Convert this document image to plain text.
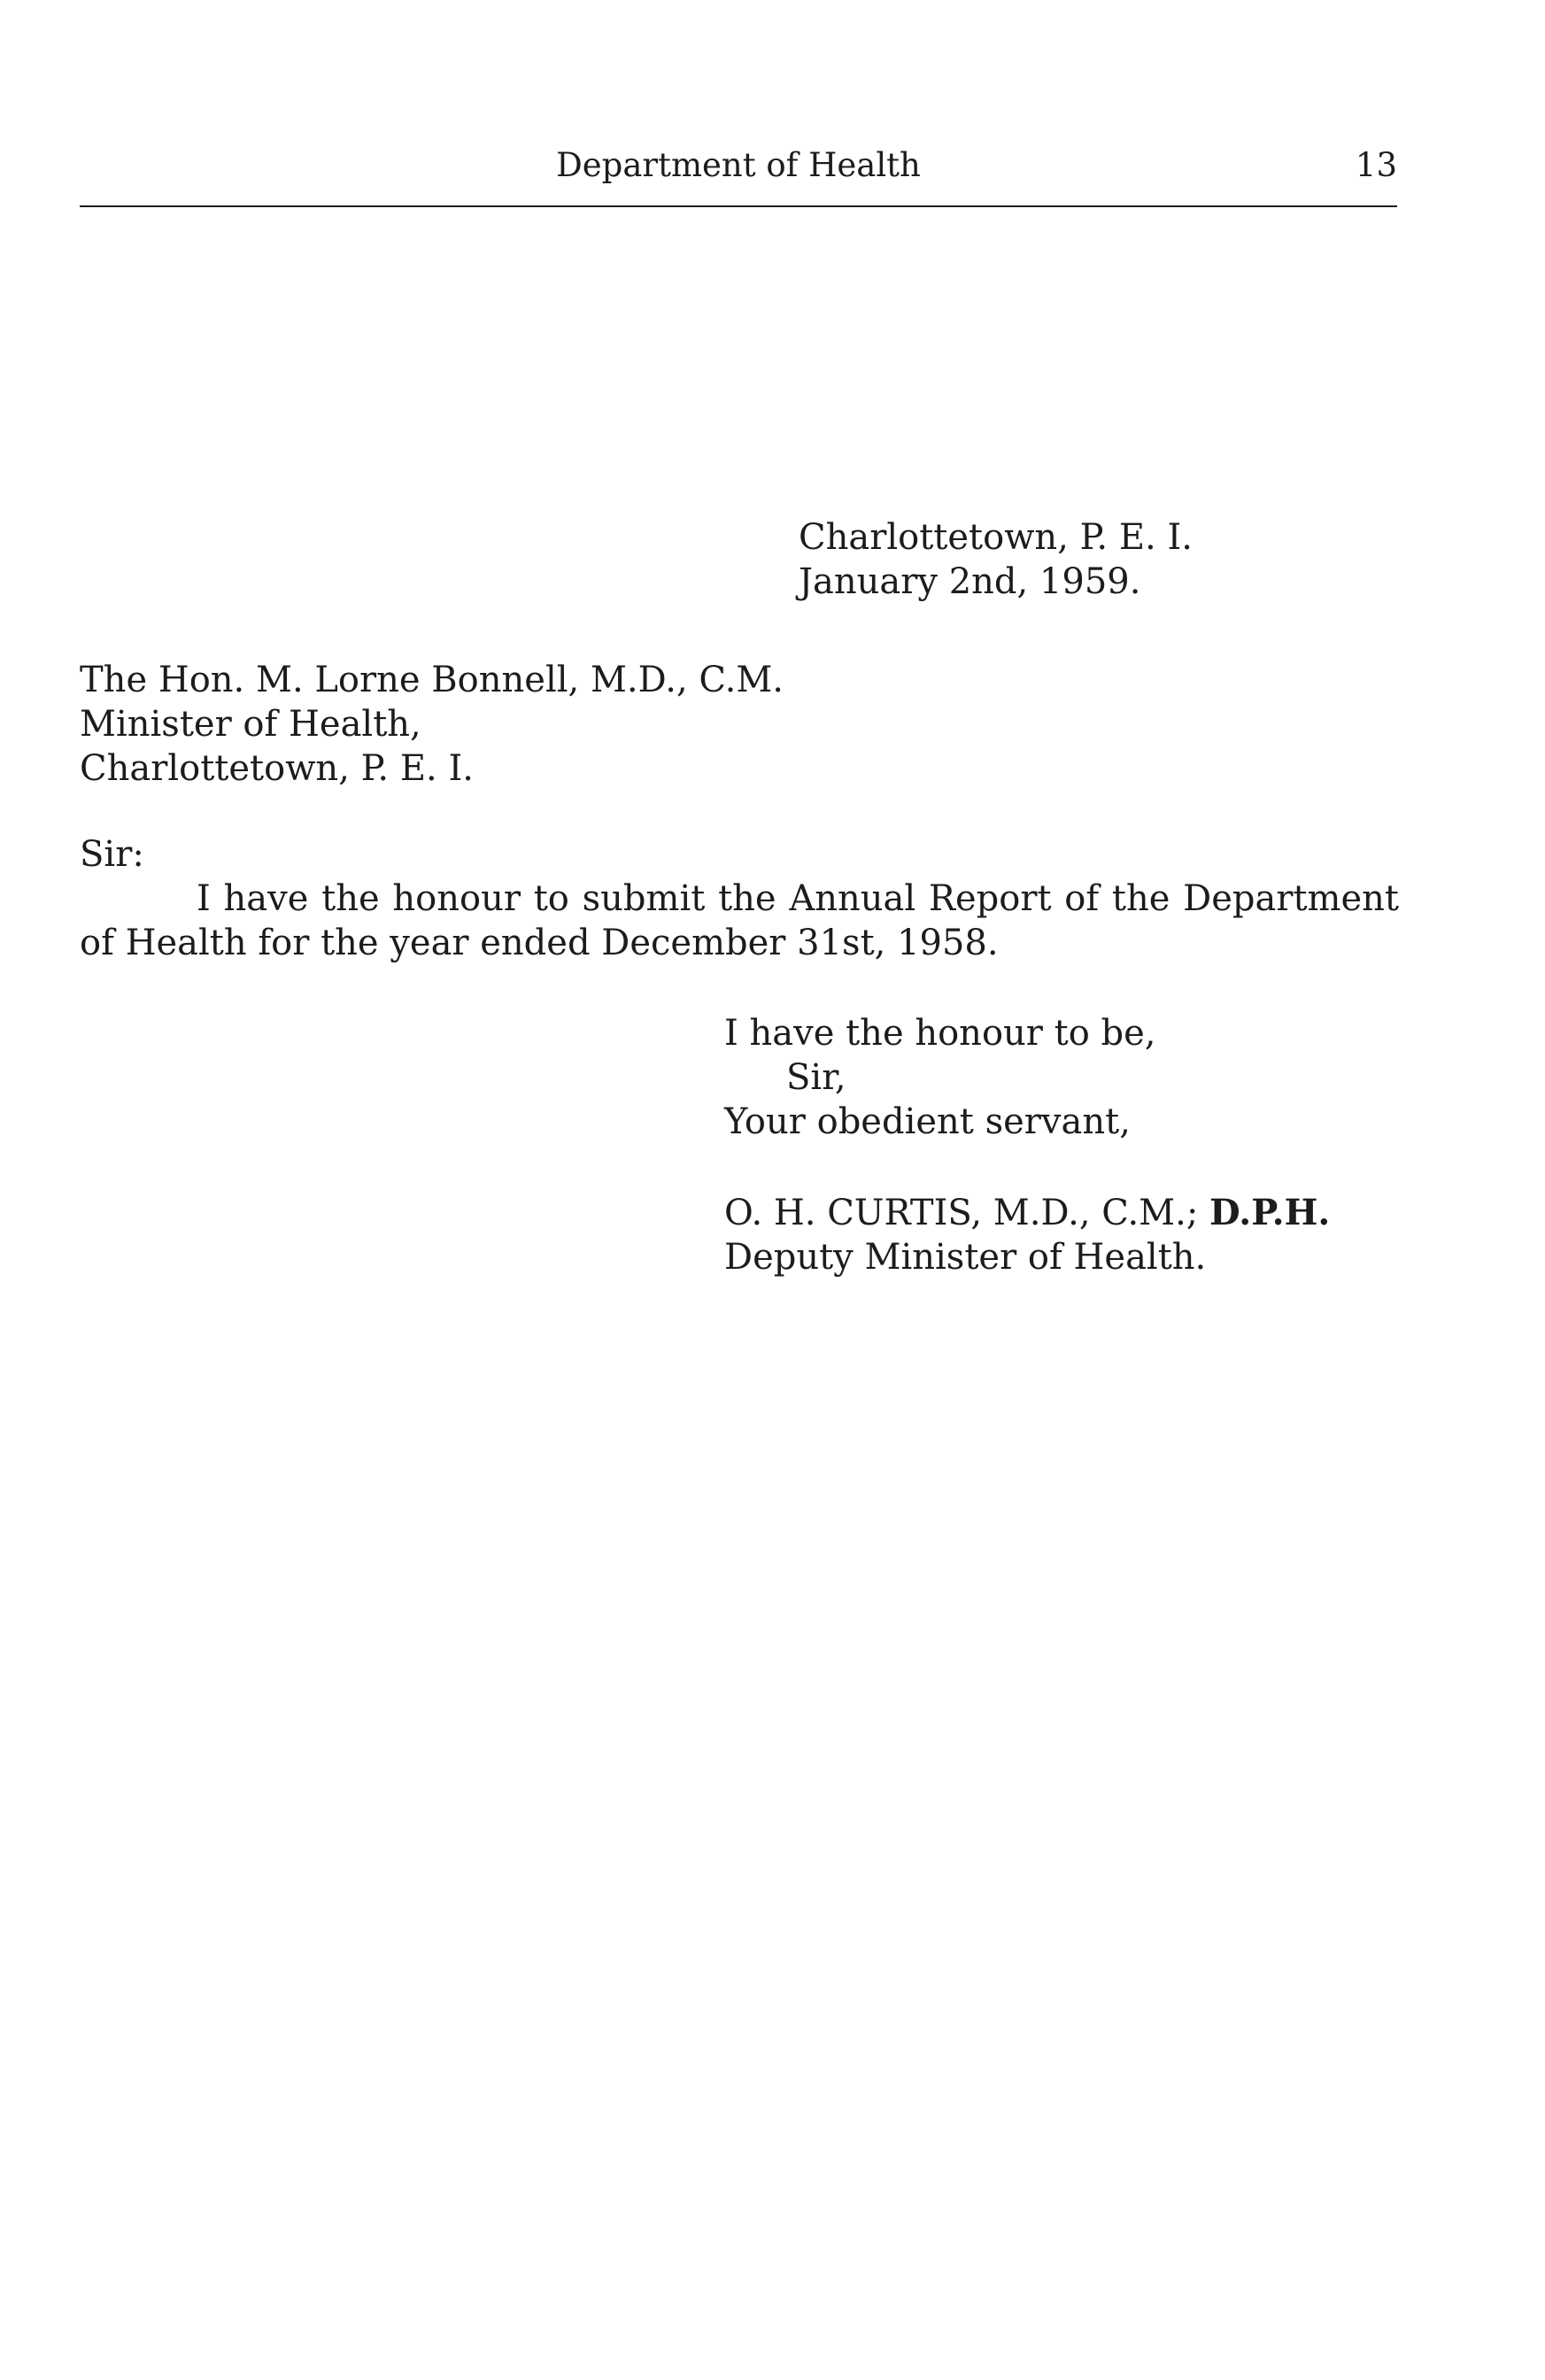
Department of Health	13
Charlottetown, P. E. I.
January 2nd, 1959.
The Hon. M. Lorne Bonnell, M.D., C.M.
Minister of Health,
Charlottetown, P. E. I.
Sir:
I have the honour to submit the Annual Report of the Department of Health for the year ended December 31st, 1958.
I have the honour to be,
Sir,
Your obedient servant,
O. H. CURTIS, M.D., C.M.; D.P.H.
Deputy Minister of Health.
